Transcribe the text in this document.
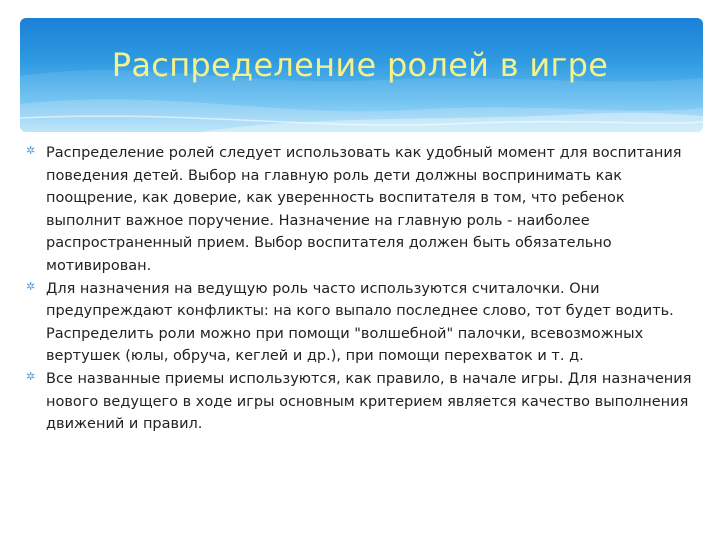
Распределение ролей в игре
✲ Распределение ролей следует использовать как удобный момент для воспитания поведения детей. Выбор на главную роль дети должны воспринимать как поощрение, как доверие, как уверенность воспитателя в том, что ребенок выполнит важное поручение. Назначение на главную роль - наиболее распространенный прием. Выбор воспитателя должен быть обязательно мотивирован.
✲ Для назначения на ведущую роль часто используются считалочки. Они предупреждают конфликты: на кого выпало последнее слово, тот будет водить. Распределить роли можно при помощи "волшебной" палочки, всевозможных вертушек (юлы, обруча, кеглей и др.), при помощи перехваток и т. д.
✲ Все названные приемы используются, как правило, в начале игры. Для назначения нового ведущего в ходе игры основным критерием является качество выполнения движений и правил.
